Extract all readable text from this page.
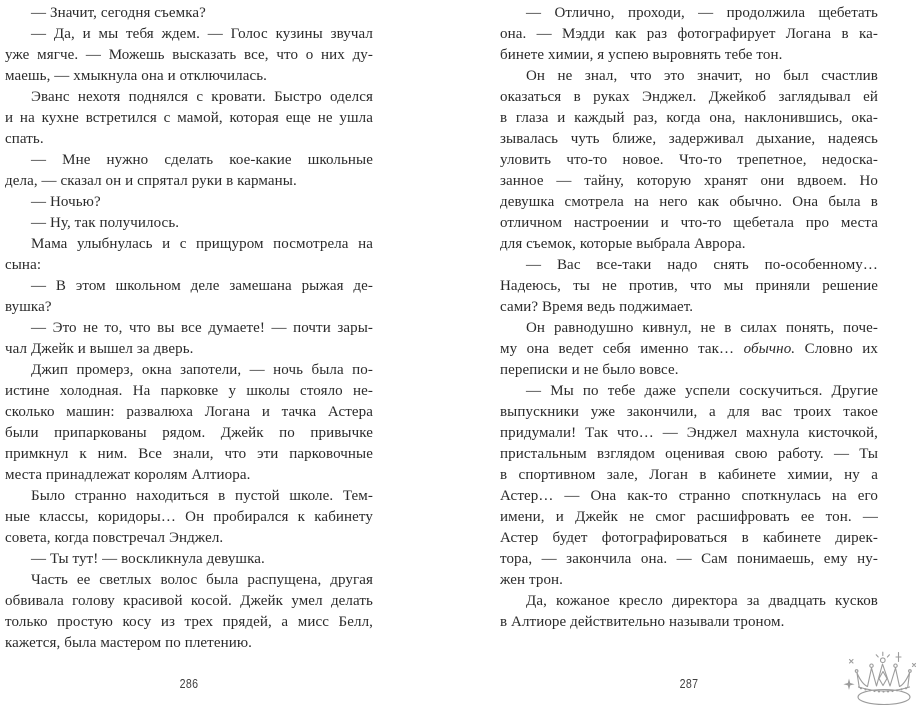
— Значит, сегодня съемка?
— Да, и мы тебя ждем. — Голос кузины звучал
уже мягче. — Можешь высказать все, что о них ду-
маешь, — хмыкнула она и отключилась.
Эванс нехотя поднялся с кровати. Быстро оделся
и на кухне встретился с мамой, которая еще не ушла
спать.
— Мне нужно сделать кое-какие школьные
дела, — сказал он и спрятал руки в карманы.
— Ночью?
— Ну, так получилось.
Мама улыбнулась и с прищуром посмотрела на
сына:
— В этом школьном деле замешана рыжая де-
вушка?
— Это не то, что вы все думаете! — почти зары-
чал Джейк и вышел за дверь.
Джип промерз, окна запотели, — ночь была по-
истине холодная. На парковке у школы стояло не-
сколько машин: развалюха Логана и тачка Астера
были припаркованы рядом. Джейк по привычке
примкнул к ним. Все знали, что эти парковочные
места принадлежат королям Алтиора.
Было странно находиться в пустой школе. Тем-
ные классы, коридоры… Он пробирался к кабинету
совета, когда повстречал Энджел.
— Ты тут! — воскликнула девушка.
Часть ее светлых волос была распущена, другая
обвивала голову красивой косой. Джейк умел делать
только простую косу из трех прядей, а мисс Белл,
кажется, была мастером по плетению.
— Отлично, проходи, — продолжила щебетать
она. — Мэдди как раз фотографирует Логана в ка-
бинете химии, я успею выровнять тебе тон.
Он не знал, что это значит, но был счастлив
оказаться в руках Энджел. Джейкоб заглядывал ей
в глаза и каждый раз, когда она, наклонившись, ока-
зывалась чуть ближе, задерживал дыхание, надеясь
уловить что-то новое. Что-то трепетное, недоска-
занное — тайну, которую хранят они вдвоем. Но
девушка смотрела на него как обычно. Она была в
отличном настроении и что-то щебетала про места
для съемок, которые выбрала Аврора.
— Вас все-таки надо снять по-особенному…
Надеюсь, ты не против, что мы приняли решение
сами? Время ведь поджимает.
Он равнодушно кивнул, не в силах понять, поче-
му она ведет себя именно так… обычно. Словно их
переписки и не было вовсе.
— Мы по тебе даже успели соскучиться. Другие
выпускники уже закончили, а для вас троих такое
придумали! Так что… — Энджел махнула кисточкой,
пристальным взглядом оценивая свою работу. — Ты
в спортивном зале, Логан в кабинете химии, ну а
Астер… — Она как-то странно споткнулась на его
имени, и Джейк не смог расшифровать ее тон. —
Астер будет фотографироваться в кабинете дирек-
тора, — закончила она. — Сам понимаешь, ему ну-
жен трон.
Да, кожаное кресло директора за двадцать кусков
в Алтиоре действительно называли троном.
286	287
